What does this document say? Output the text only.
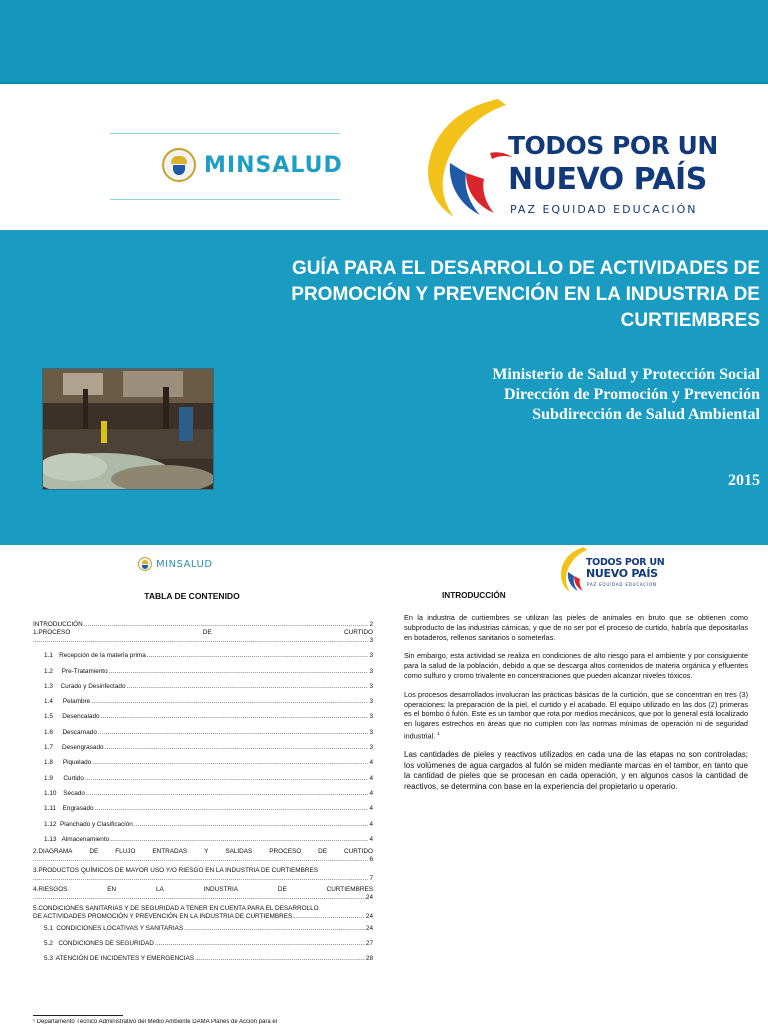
MINSALUD
TODOS POR UN
NUEVO PAÍS
PAZ EQUIDAD EDUCACIÓN
GUÍA PARA EL DESARROLLO DE ACTIVIDADES DE
PROMOCIÓN Y PREVENCIÓN EN LA INDUSTRIA DE
CURTIEMBRES
Ministerio de Salud y Protección Social
Dirección de Promoción y Prevención
Subdirección de Salud Ambiental
2015
MINSALUD
TABLA DE CONTENIDO
INTRODUCCIÓN .....	2
1.PROCESO	DE	CURTIDO
.....
3
1.1 Recepción de la materia prima .....	3
1.2	Pre-Tratamiento .....	3
1.3	Curado y Desinfectado .....	3
1.4	Pelambre .....	3
1.5	Desencalado .....	3
1.6	Descarnado .....	3
1.7	Desengrasado .....	3
1.8	Piquelado .....	4
1.9	Curtido .....	4
1.10	Secado .....	4
1.11	Engrasado .....	4
1.12 Planchado y Clasificación .....	4
1.13 Almacenamiento .....	4
2.DIAGRAMA	DE	FLUJO	ENTRADAS	Y	SALIDAS	PROCESO	DE	CURTIDO
.....
6
3.PRODUCTOS QUÍMICOS DE MAYOR USO Y/O RIESGO EN LA INDUSTRIA DE CURTIEMBRES
.....
7
4.RIESGOS	EN	LA	INDUSTRIA	DE	CURTIEMBRES
.....
24
5.CONDICIONES SANITARIAS Y DE SEGURIDAD A TENER EN CUENTA PARA EL DESARROLLO
DE ACTIVIDADES PROMOCIÓN Y PREVENCIÓN EN LA INDUSTRIA DE CURTIEMBRES .....	24
5.1 CONDICIONES LOCATIVAS Y SANITARIAS .....	24
5.2 CONDICIONES DE SEGURIDAD .....	27
5.3 ATENCIÓN DE INCIDENTES Y EMERGENCIAS .....	28
¹ Departamento Técnico Administrativo del Medio Ambiente DAMA Planes de Acción para el
TODOS POR UN
NUEVO PAÍS
PAZ EQUIDAD EDUCACIÓN
INTRODUCCIÓN

En la industria de curtiembres se utilizan las pieles de animales en bruto que se obtienen como subproducto de las industrias cárnicas, y que de no ser por el proceso de curtido, habría que depositarlas en botaderos, rellenos sanitarios o someterlas.

Sin embargo, esta actividad se realiza en condiciones de alto riesgo para el ambiente y por consiguiente para la salud de la población, debido a que se descarga altos contenidos de materia orgánica y efluentes como sulfuro y cromo trivalente en concentraciones que pueden alcanzar niveles tóxicos.

Los procesos desarrollados involucran las prácticas básicas de la curtición, que se concentran en tres (3) operaciones: la preparación de la piel, el curtido y el acabado. El equipo utilizado en las dos (2) primeras es el bombo ó fulón. Este es un tambor que rota por medios mecánicos, que por lo general está localizado en lugares estrechos en áreas que no cumplen con las normas mínimas de operación ni de seguridad industrial. $^1$

Las cantidades de pieles y reactivos utilizados en cada una de las etapas no son controladas; los volúmenes de agua cargados al fulón se miden mediante marcas en el tambor, en tanto que la cantidad de pieles que se procesan en cada operación, y en algunos casos la cantidad de reactivos, se determina con base en la experiencia del propietario u operario.
